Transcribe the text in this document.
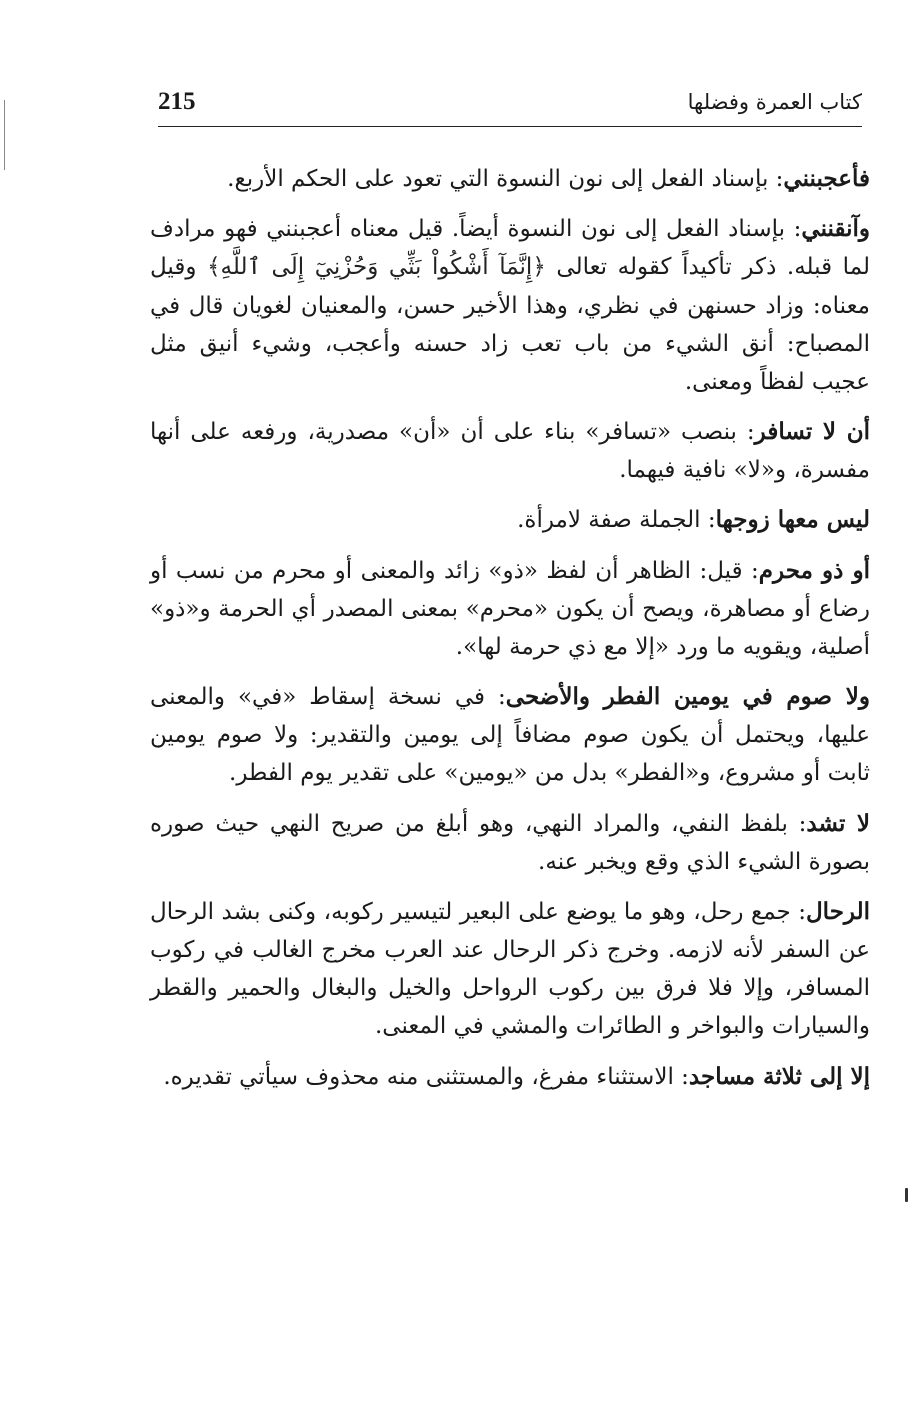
215	كتاب العمرة وفضلها

فأعجبنني: بإسناد الفعل إلى نون النسوة التي تعود على الحكم الأربع.

وآنقنني: بإسناد الفعل إلى نون النسوة أيضاً. قيل معناه أعجبنني فهو مرادف لما قبله. ذكر تأكيداً كقوله تعالى ﴿إِنَّمَآ أَشْكُواْ بَثِّي وَحُزْنِيٓ إِلَى ٱللَّهِ﴾ وقيل معناه: وزاد حسنهن في نظري، وهذا الأخير حسن، والمعنيان لغويان قال في المصباح: أنق الشيء من باب تعب زاد حسنه وأعجب، وشيء أنيق مثل عجيب لفظاً ومعنى.

أن لا تسافر: بنصب «تسافر» بناء على أن «أن» مصدرية، ورفعه على أنها مفسرة، و«لا» نافية فيهما.

ليس معها زوجها: الجملة صفة لامرأة.

أو ذو محرم: قيل: الظاهر أن لفظ «ذو» زائد والمعنى أو محرم من نسب أو رضاع أو مصاهرة، ويصح أن يكون «محرم» بمعنى المصدر أي الحرمة و«ذو» أصلية، ويقويه ما ورد «إلا مع ذي حرمة لها».

ولا صوم في يومين الفطر والأضحى: في نسخة إسقاط «في» والمعنى عليها، ويحتمل أن يكون صوم مضافاً إلى يومين والتقدير: ولا صوم يومين ثابت أو مشروع، و«الفطر» بدل من «يومين» على تقدير يوم الفطر.

لا تشد: بلفظ النفي، والمراد النهي، وهو أبلغ من صريح النهي حيث صوره بصورة الشيء الذي وقع ويخبر عنه.

الرحال: جمع رحل، وهو ما يوضع على البعير لتيسير ركوبه، وكنى بشد الرحال عن السفر لأنه لازمه. وخرج ذكر الرحال عند العرب مخرج الغالب في ركوب المسافر، وإلا فلا فرق بين ركوب الرواحل والخيل والبغال والحمير والقطر والسيارات والبواخر و الطائرات والمشي في المعنى.

إلا إلى ثلاثة مساجد: الاستثناء مفرغ، والمستثنى منه محذوف سيأتي تقديره.
